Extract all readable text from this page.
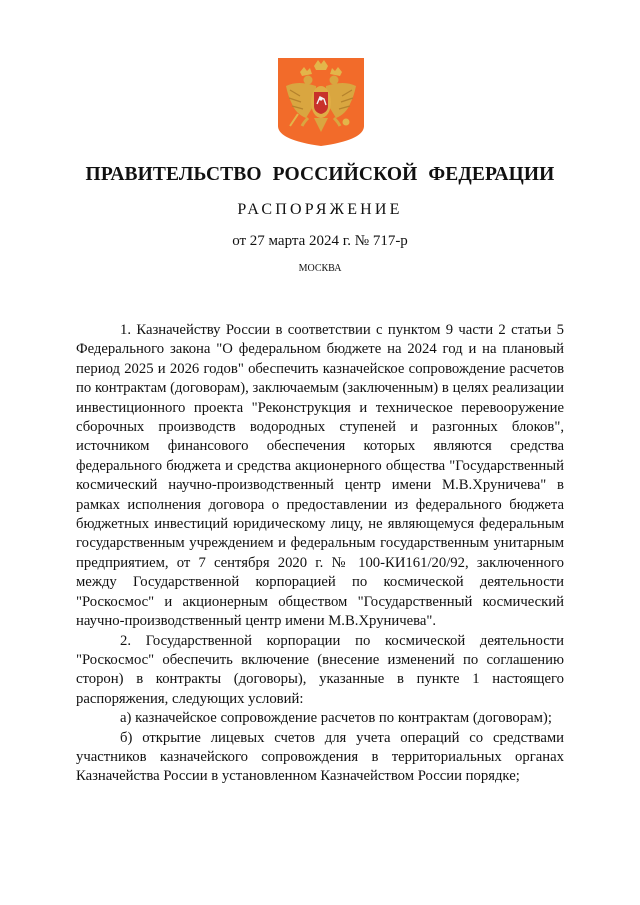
ПРАВИТЕЛЬСТВО РОССИЙСКОЙ ФЕДЕРАЦИИ
РАСПОРЯЖЕНИЕ
от 27 марта 2024 г. № 717-р
МОСКВА

1. Казначейству России в соответствии с пунктом 9 части 2 статьи 5 Федерального закона "О федеральном бюджете на 2024 год и на плановый период 2025 и 2026 годов" обеспечить казначейское сопровождение расчетов по контрактам (договорам), заключаемым (заключенным) в целях реализации инвестиционного проекта "Реконструкция и техническое перевооружение сборочных производств водородных ступеней и разгонных блоков", источником финансового обеспечения которых являются средства федерального бюджета и средства акционерного общества "Государственный космический научно-производственный центр имени М.В.Хруничева" в рамках исполнения договора о предоставлении из федерального бюджета бюджетных инвестиций юридическому лицу, не являющемуся федеральным государственным учреждением и федеральным государственным унитарным предприятием, от 7 сентября 2020 г. № 100-КИ161/20/92, заключенного между Государственной корпорацией по космической деятельности "Роскосмос" и акционерным обществом "Государственный космический научно-производственный центр имени М.В.Хруничева".

2. Государственной корпорации по космической деятельности "Роскосмос" обеспечить включение (внесение изменений по соглашению сторон) в контракты (договоры), указанные в пункте 1 настоящего распоряжения, следующих условий:

а) казначейское сопровождение расчетов по контрактам (договорам);

б) открытие лицевых счетов для учета операций со средствами участников казначейского сопровождения в территориальных органах Казначейства России в установленном Казначейством России порядке;
